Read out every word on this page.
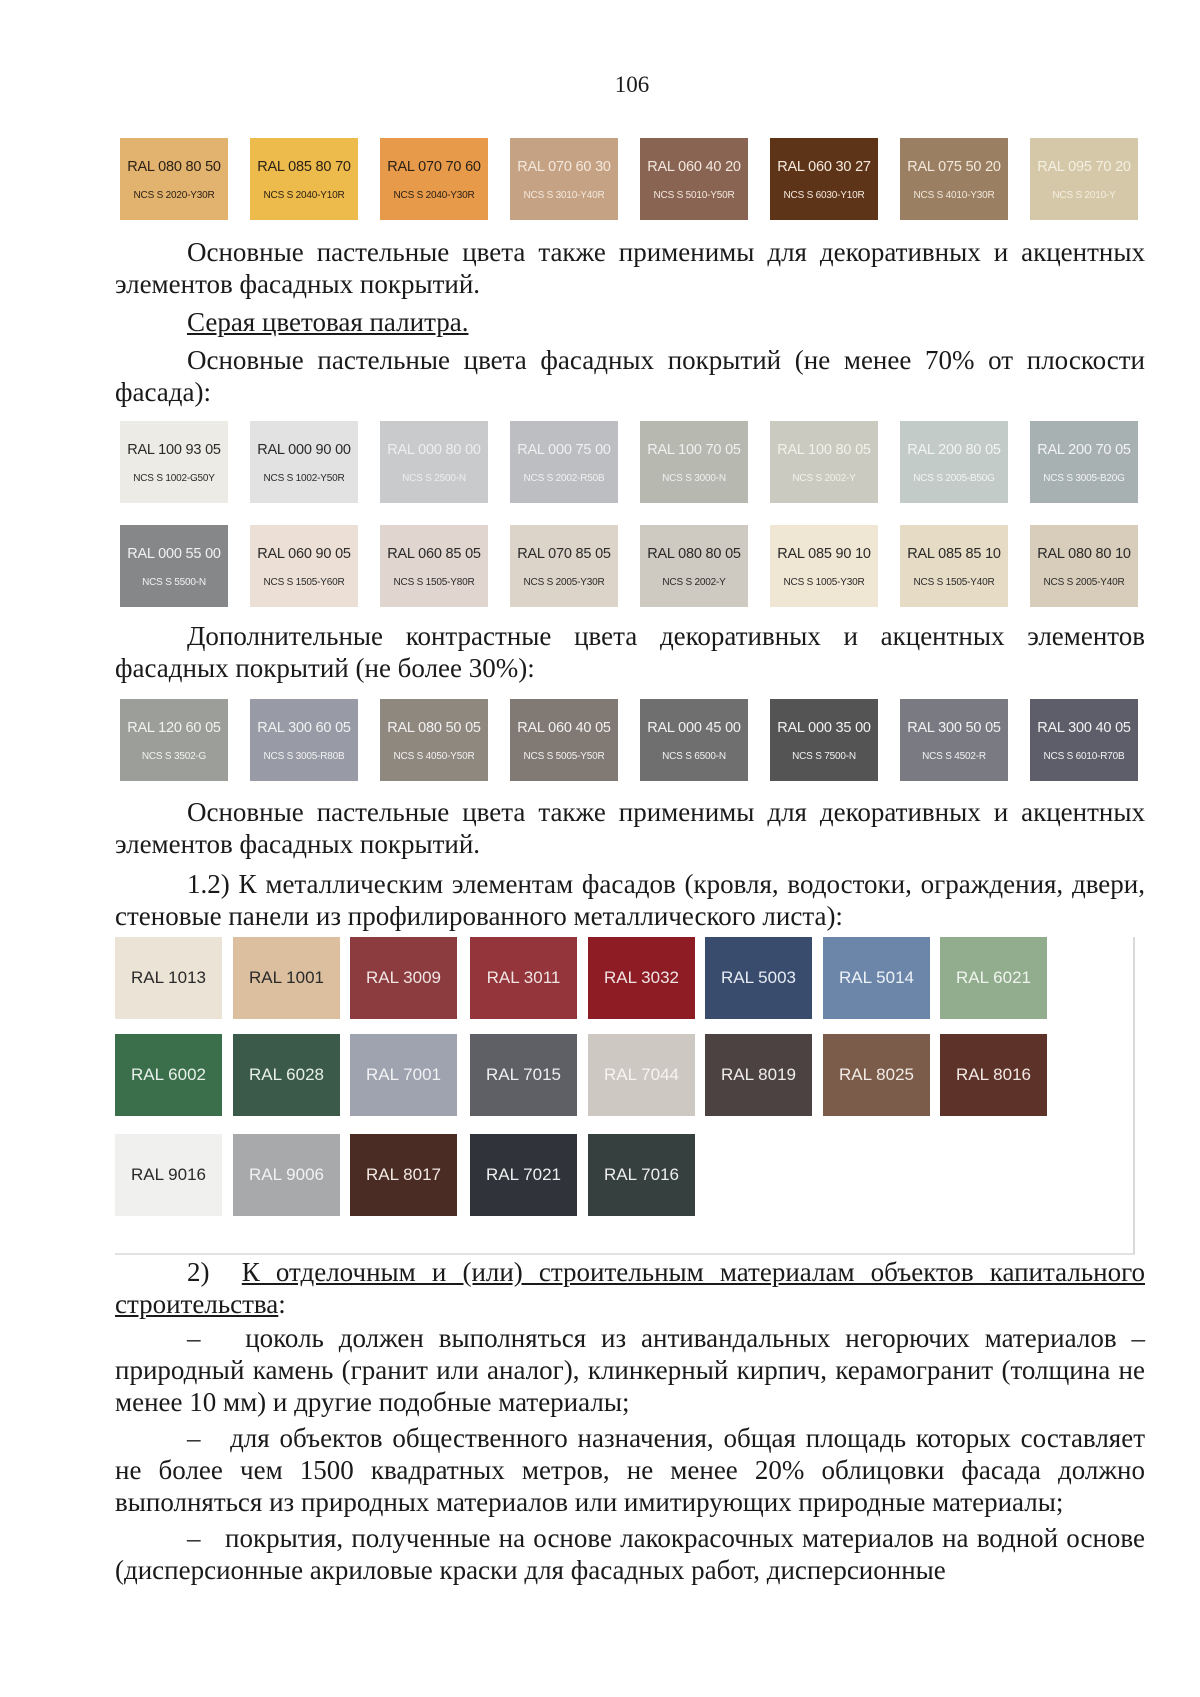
106
RAL 080 80 50
NCS S 2020-Y30R
RAL 085 80 70
NCS S 2040-Y10R
RAL 070 70 60
NCS S 2040-Y30R
RAL 070 60 30
NCS S 3010-Y40R
RAL 060 40 20
NCS S 5010-Y50R
RAL 060 30 27
NCS S 6030-Y10R
RAL 075 50 20
NCS S 4010-Y30R
RAL 095 70 20
NCS S 2010-Y

Основные пастельные цвета также применимы для декоративных и акцентных элементов фасадных покрытий.

Серая цветовая палитра.

Основные пастельные цвета фасадных покрытий (не менее 70% от плоскости фасада):

RAL 100 93 05
NCS S 1002-G50Y
RAL 000 90 00
NCS S 1002-Y50R
RAL 000 80 00
NCS S 2500-N
RAL 000 75 00
NCS S 2002-R50B
RAL 100 70 05
NCS S 3000-N
RAL 100 80 05
NCS S 2002-Y
RAL 200 80 05
NCS S 2005-B50G
RAL 200 70 05
NCS S 3005-B20G
RAL 000 55 00
NCS S 5500-N
RAL 060 90 05
NCS S 1505-Y60R
RAL 060 85 05
NCS S 1505-Y80R
RAL 070 85 05
NCS S 2005-Y30R
RAL 080 80 05
NCS S 2002-Y
RAL 085 90 10
NCS S 1005-Y30R
RAL 085 85 10
NCS S 1505-Y40R
RAL 080 80 10
NCS S 2005-Y40R

Дополнительные контрастные цвета декоративных и акцентных элементов фасадных покрытий (не более 30%):

RAL 120 60 05
NCS S 3502-G
RAL 300 60 05
NCS S 3005-R80B
RAL 080 50 05
NCS S 4050-Y50R
RAL 060 40 05
NCS S 5005-Y50R
RAL 000 45 00
NCS S 6500-N
RAL 000 35 00
NCS S 7500-N
RAL 300 50 05
NCS S 4502-R
RAL 300 40 05
NCS S 6010-R70B

Основные пастельные цвета также применимы для декоративных и акцентных элементов фасадных покрытий.

1.2) К металлическим элементам фасадов (кровля, водостоки, ограждения, двери, стеновые панели из профилированного металлического листа):

RAL 1013	RAL 1001	RAL 3009	RAL 3011	RAL 3032	RAL 5003	RAL 5014	RAL 6021
RAL 6002	RAL 6028	RAL 7001	RAL 7015	RAL 7044	RAL 8019	RAL 8025	RAL 8016
RAL 9016	RAL 9006	RAL 8017	RAL 7021	RAL 7016

2) К отделочным и (или) строительным материалам объектов капитального строительства:

– цоколь должен выполняться из антивандальных негорючих материалов – природный камень (гранит или аналог), клинкерный кирпич, керамогранит (толщина не менее 10 мм) и другие подобные материалы;

– для объектов общественного назначения, общая площадь которых составляет не более чем 1500 квадратных метров, не менее 20% облицовки фасада должно выполняться из природных материалов или имитирующих природные материалы;

– покрытия, полученные на основе лакокрасочных материалов на водной основе (дисперсионные акриловые краски для фасадных работ, дисперсионные
